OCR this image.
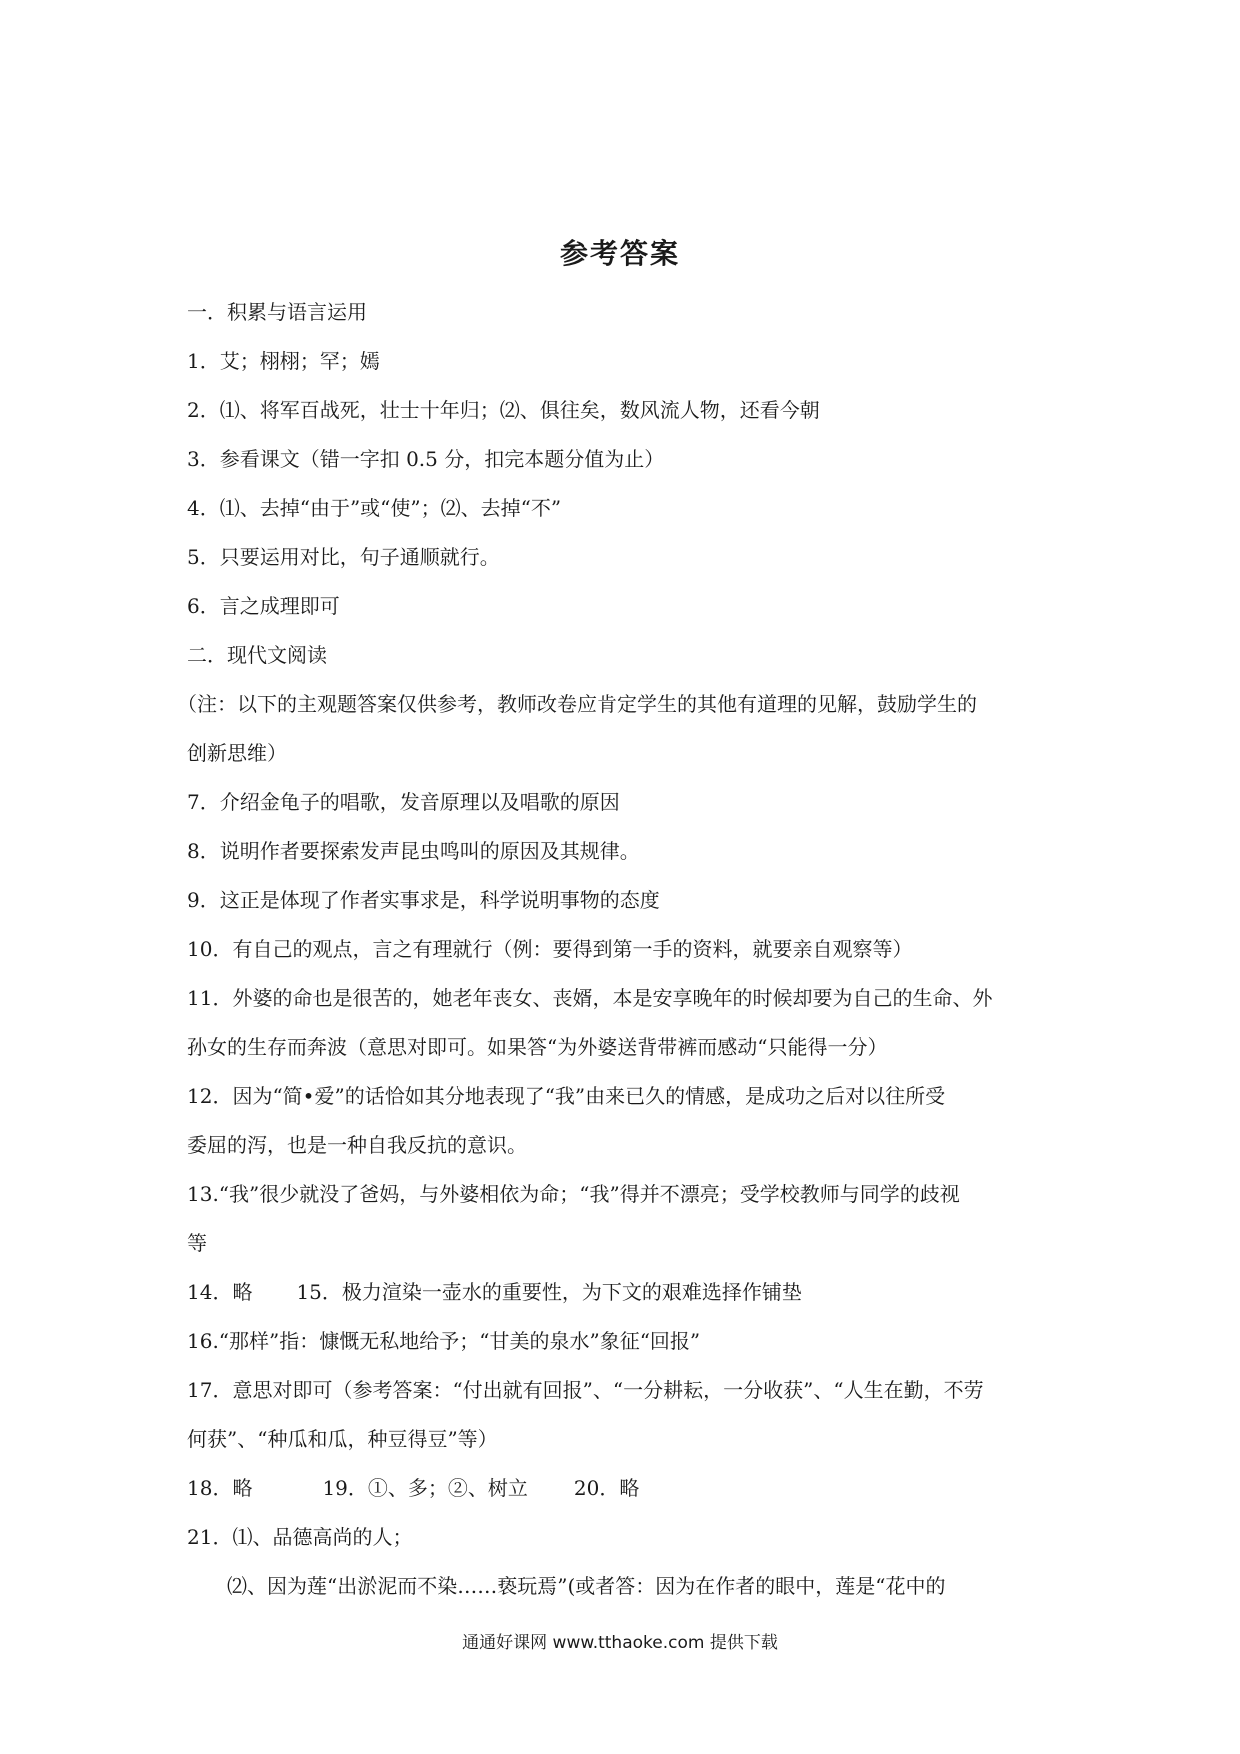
参考答案

一．积累与语言运用

1．艾；栩栩；罕；嫣

2．⑴、将军百战死，壮士十年归；⑵、俱往矣，数风流人物，还看今朝

3．参看课文（错一字扣 0.5 分，扣完本题分值为止）

4．⑴、去掉“由于”或“使”；⑵、去掉“不”

5．只要运用对比，句子通顺就行。

6．言之成理即可

二．现代文阅读

（注：以下的主观题答案仅供参考，教师改卷应肯定学生的其他有道理的见解，鼓励学生的

创新思维）

7．介绍金龟子的唱歌，发音原理以及唱歌的原因

8．说明作者要探索发声昆虫鸣叫的原因及其规律。

9．这正是体现了作者实事求是，科学说明事物的态度

10．有自己的观点，言之有理就行（例：要得到第一手的资料，就要亲自观察等）

11．外婆的命也是很苦的，她老年丧女、丧婿，本是安享晚年的时候却要为自己的生命、外

孙女的生存而奔波（意思对即可。如果答“为外婆送背带裤而感动“只能得一分）

12．因为“简•爱”的话恰如其分地表现了“我”由来已久的情感，是成功之后对以往所受

委屈的泻，也是一种自我反抗的意识。

13.“我”很少就没了爸妈，与外婆相依为命；“我”得并不漂亮；受学校教师与同学的歧视

等

14．略 15．极力渲染一壶水的重要性，为下文的艰难选择作铺垫

16.“那样”指：慷慨无私地给予；“甘美的泉水”象征“回报”

17．意思对即可（参考答案：“付出就有回报”、“一分耕耘，一分收获”、“人生在勤，不劳

何获”、“种瓜和瓜，种豆得豆”等）

18．略	19．①、多；②、树立 20．略

21．⑴、品德高尚的人；

⑵、因为莲“出淤泥而不染……亵玩焉”(或者答：因为在作者的眼中，莲是“花中的

通通好课网 www.tthaoke.com 提供下载
